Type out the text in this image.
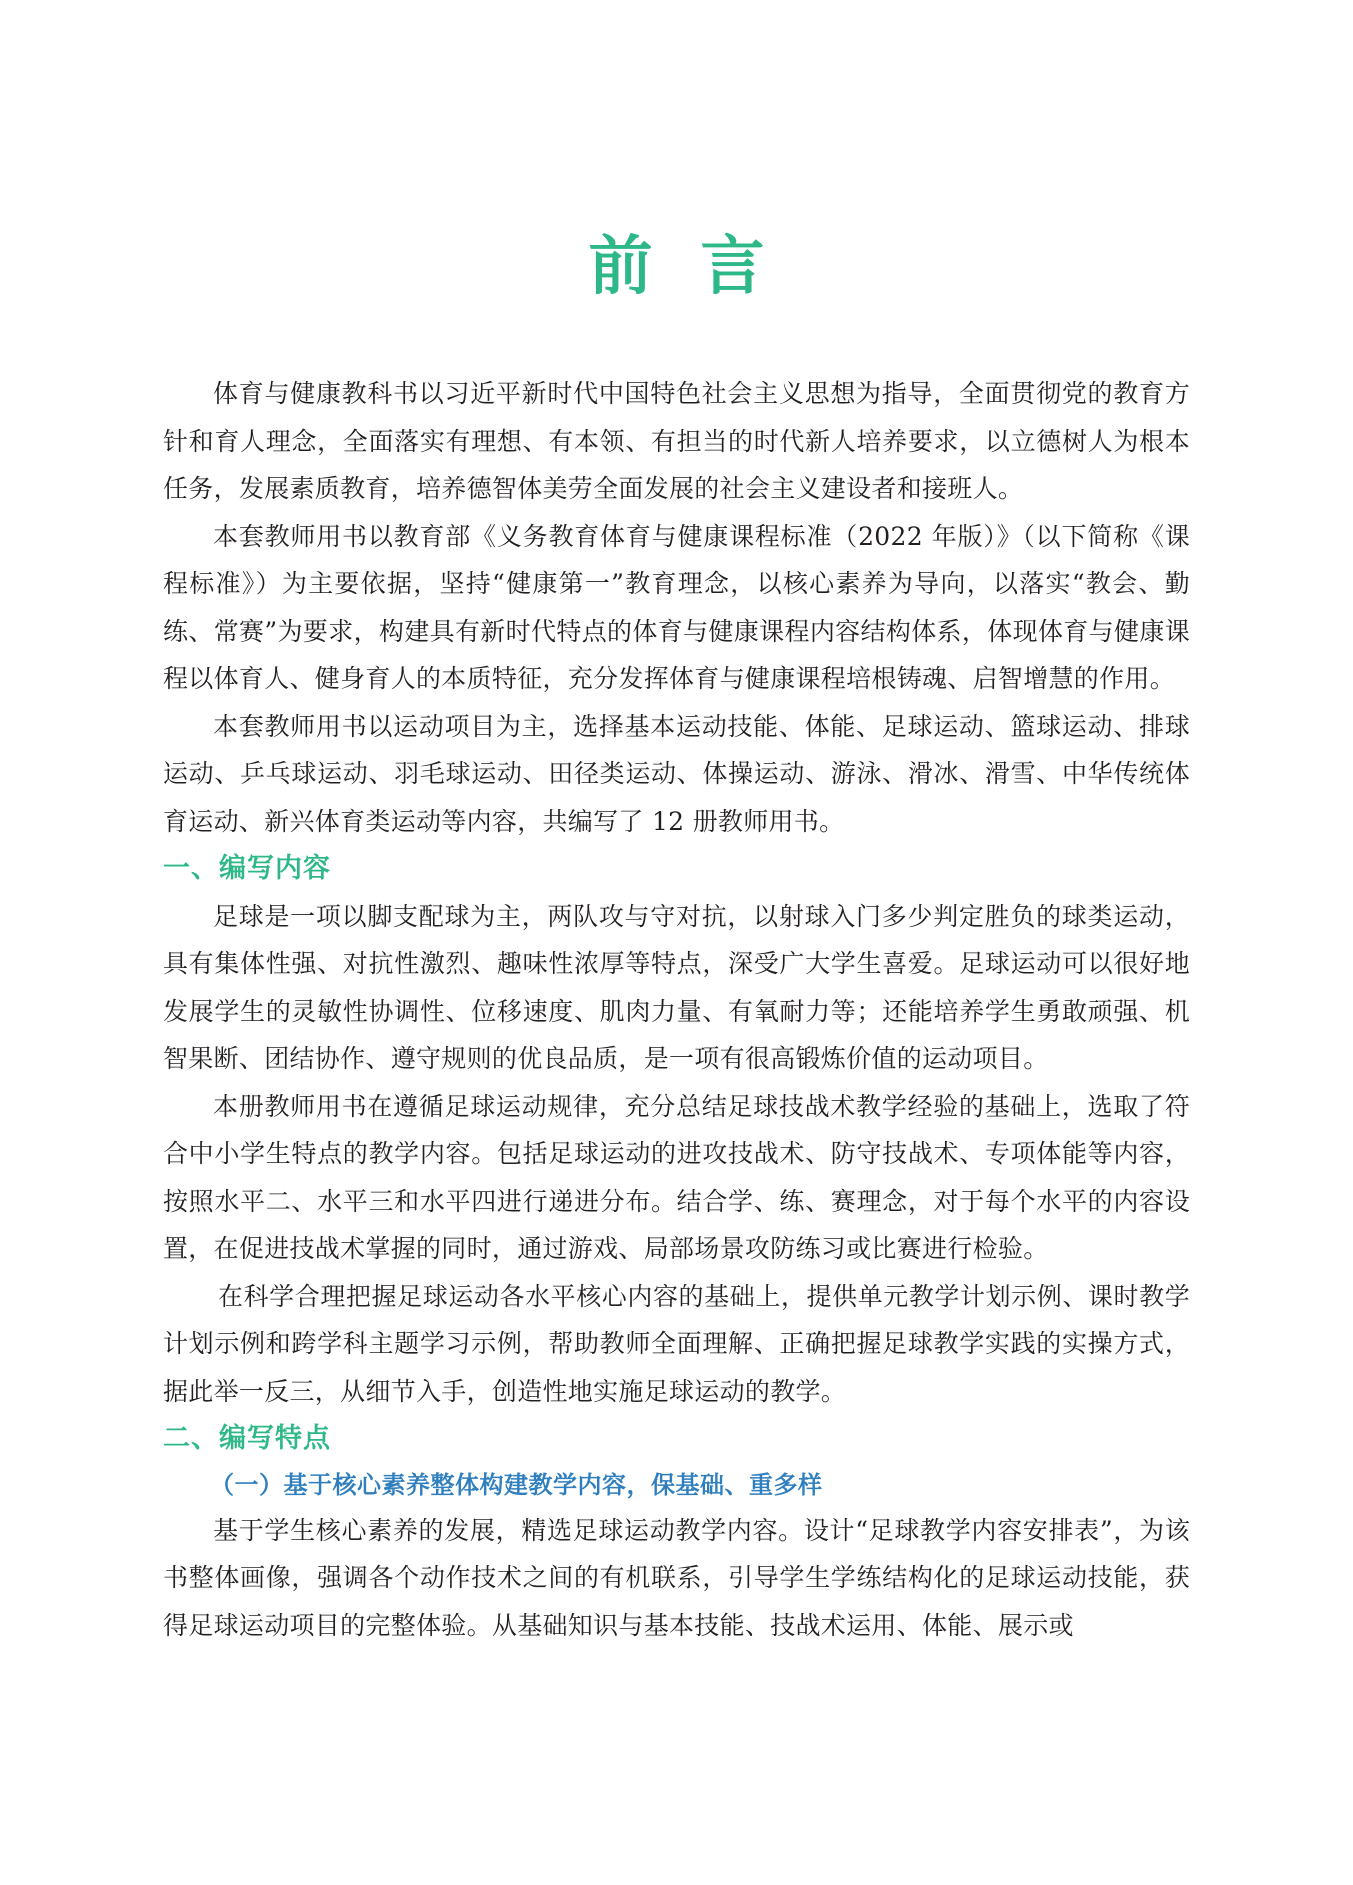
前言

体育与健康教科书以习近平新时代中国特色社会主义思想为指导，全面贯彻党的教育方针和育人理念，全面落实有理想、有本领、有担当的时代新人培养要求，以立德树人为根本任务，发展素质教育，培养德智体美劳全面发展的社会主义建设者和接班人。

本套教师用书以教育部《义务教育体育与健康课程标准（2022 年版）》（以下简称《课程标准》）为主要依据，坚持“健康第一”教育理念，以核心素养为导向，以落实“教会、勤练、常赛”为要求，构建具有新时代特点的体育与健康课程内容结构体系，体现体育与健康课程以体育人、健身育人的本质特征，充分发挥体育与健康课程培根铸魂、启智增慧的作用。

本套教师用书以运动项目为主，选择基本运动技能、体能、足球运动、篮球运动、排球运动、乒乓球运动、羽毛球运动、田径类运动、体操运动、游泳、滑冰、滑雪、中华传统体育运动、新兴体育类运动等内容，共编写了 12 册教师用书。

一、编写内容

足球是一项以脚支配球为主，两队攻与守对抗，以射球入门多少判定胜负的球类运动，具有集体性强、对抗性激烈、趣味性浓厚等特点，深受广大学生喜爱。足球运动可以很好地发展学生的灵敏性协调性、位移速度、肌肉力量、有氧耐力等；还能培养学生勇敢顽强、机智果断、团结协作、遵守规则的优良品质，是一项有很高锻炼价值的运动项目。

本册教师用书在遵循足球运动规律，充分总结足球技战术教学经验的基础上，选取了符合中小学生特点的教学内容。包括足球运动的进攻技战术、防守技战术、专项体能等内容，按照水平二、水平三和水平四进行递进分布。结合学、练、赛理念，对于每个水平的内容设置，在促进技战术掌握的同时，通过游戏、局部场景攻防练习或比赛进行检验。

在科学合理把握足球运动各水平核心内容的基础上，提供单元教学计划示例、课时教学计划示例和跨学科主题学习示例，帮助教师全面理解、正确把握足球教学实践的实操方式，据此举一反三，从细节入手，创造性地实施足球运动的教学。

二、编写特点
（一）基于核心素养整体构建教学内容，保基础、重多样

基于学生核心素养的发展，精选足球运动教学内容。设计“足球教学内容安排表”，为该书整体画像，强调各个动作技术之间的有机联系，引导学生学练结构化的足球运动技能，获得足球运动项目的完整体验。从基础知识与基本技能、技战术运用、体能、展示或
